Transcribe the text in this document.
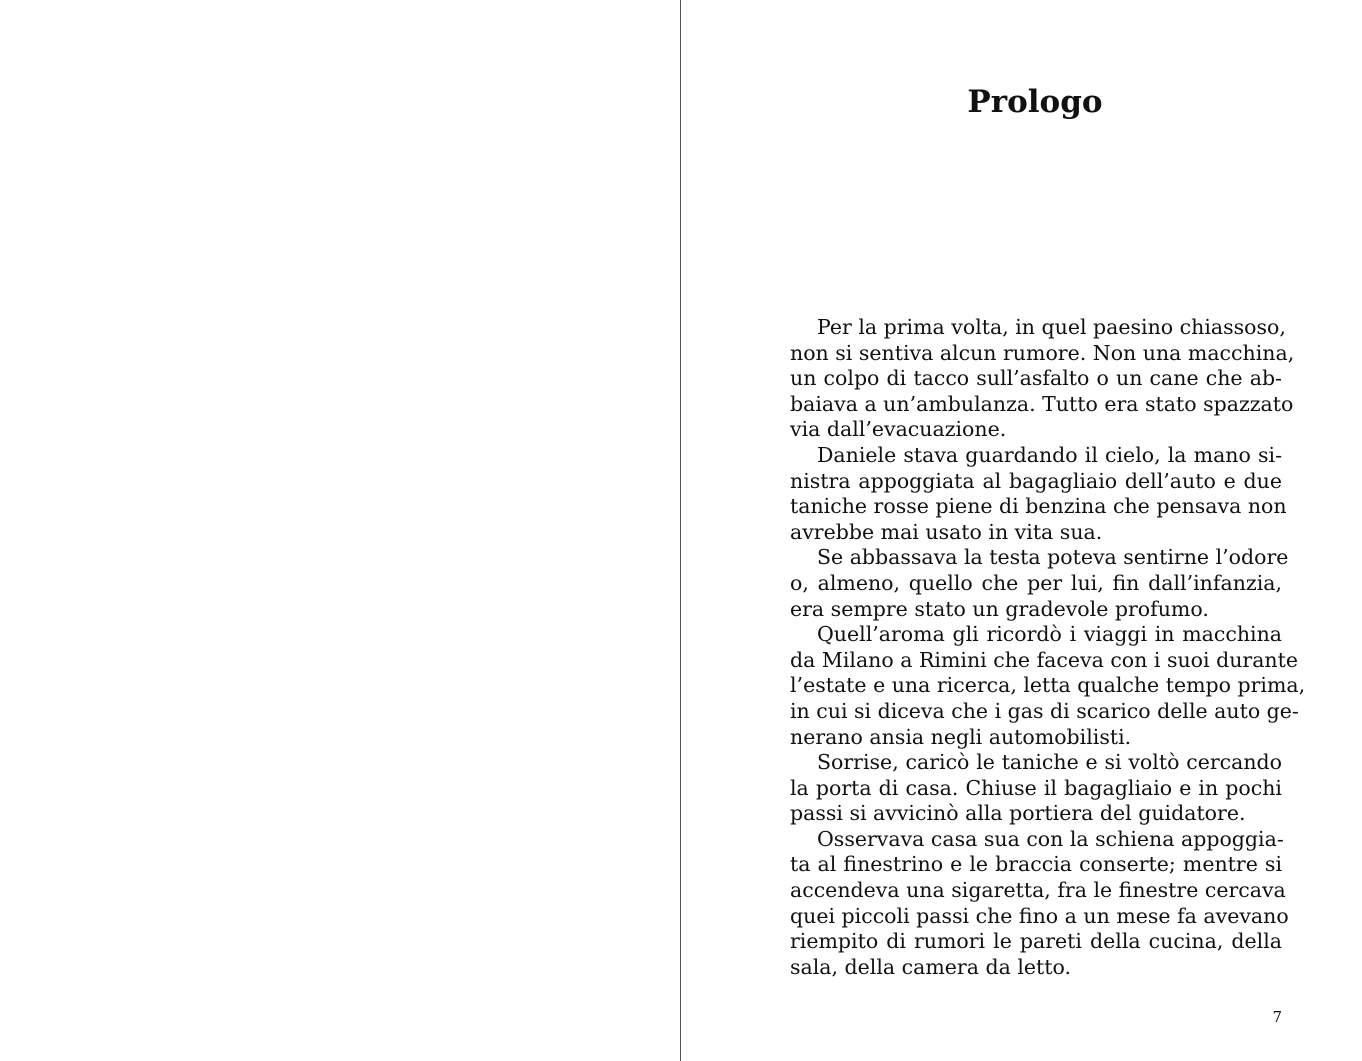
Prologo
Per la prima volta, in quel paesino chiassoso,
non si sentiva alcun rumore. Non una macchina,
un colpo di tacco sull’asfalto o un cane che ab-
baiava a un’ambulanza. Tutto era stato spazzato
via dall’evacuazione.
Daniele stava guardando il cielo, la mano si-
nistra appoggiata al bagagliaio dell’auto e due
taniche rosse piene di benzina che pensava non
avrebbe mai usato in vita sua.
Se abbassava la testa poteva sentirne l’odore
o, almeno, quello che per lui, fin dall’infanzia,
era sempre stato un gradevole profumo.
Quell’aroma gli ricordò i viaggi in macchina
da Milano a Rimini che faceva con i suoi durante
l’estate e una ricerca, letta qualche tempo prima,
in cui si diceva che i gas di scarico delle auto ge-
nerano ansia negli automobilisti.
Sorrise, caricò le taniche e si voltò cercando
la porta di casa. Chiuse il bagagliaio e in pochi
passi si avvicinò alla portiera del guidatore.
Osservava casa sua con la schiena appoggia-
ta al finestrino e le braccia conserte; mentre si
accendeva una sigaretta, fra le finestre cercava
quei piccoli passi che fino a un mese fa avevano
riempito di rumori le pareti della cucina, della
sala, della camera da letto.
7
